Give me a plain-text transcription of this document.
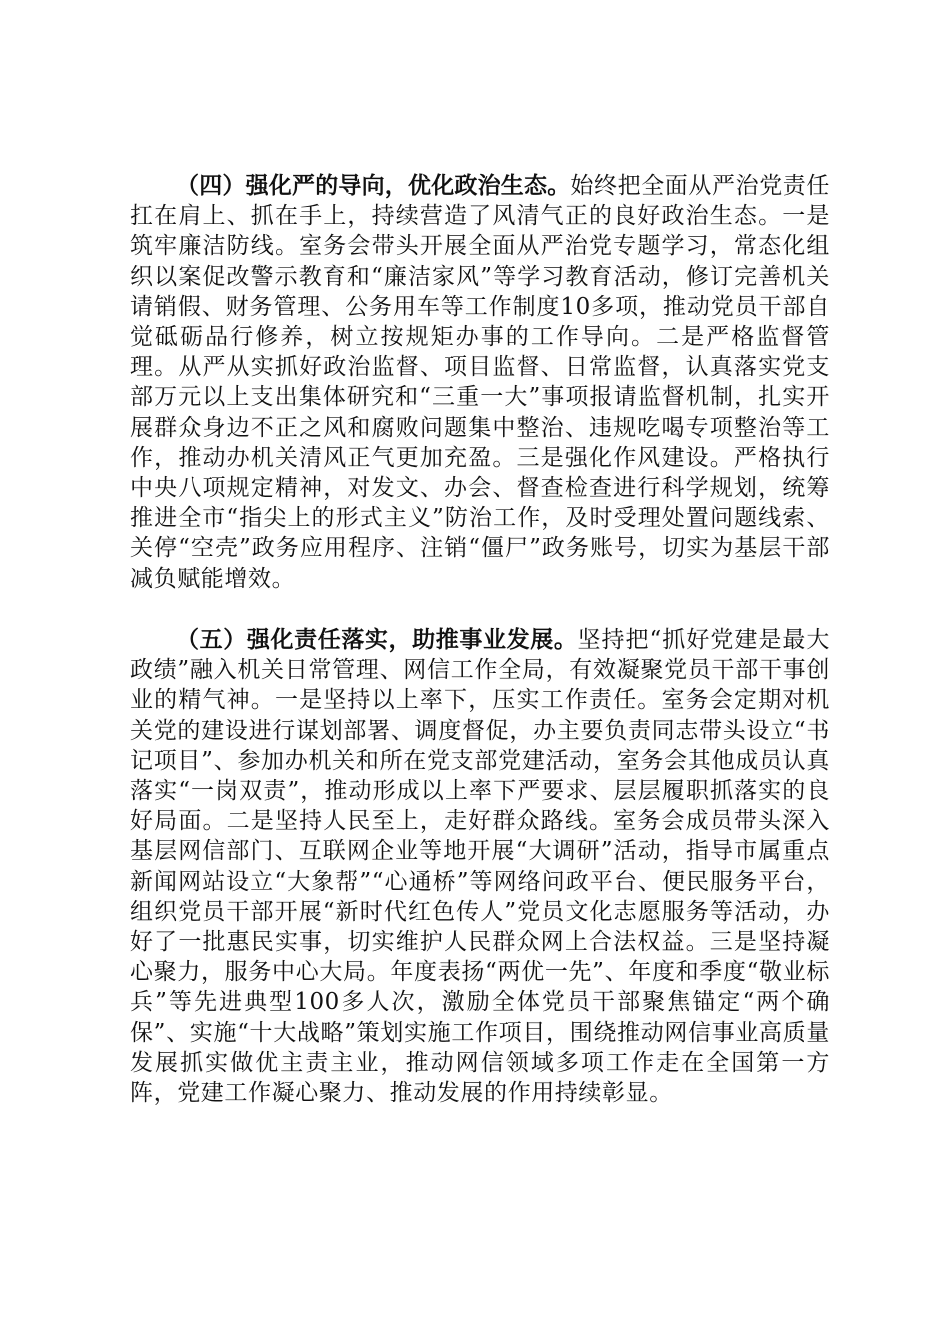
（四）强化严的导向，优化政治生态。始终把全面从严治党责任扛在肩上、抓在手上，持续营造了风清气正的良好政治生态。一是筑牢廉洁防线。室务会带头开展全面从严治党专题学习，常态化组织以案促改警示教育和“廉洁家风”等学习教育活动，修订完善机关请销假、财务管理、公务用车等工作制度10多项，推动党员干部自觉砥砺品行修养，树立按规矩办事的工作导向。二是严格监督管理。从严从实抓好政治监督、项目监督、日常监督，认真落实党支部万元以上支出集体研究和“三重一大”事项报请监督机制，扎实开展群众身边不正之风和腐败问题集中整治、违规吃喝专项整治等工作，推动办机关清风正气更加充盈。三是强化作风建设。严格执行中央八项规定精神，对发文、办会、督查检查进行科学规划，统筹推进全市“指尖上的形式主义”防治工作，及时受理处置问题线索、关停“空壳”政务应用程序、注销“僵尸”政务账号，切实为基层干部减负赋能增效。

（五）强化责任落实，助推事业发展。坚持把“抓好党建是最大政绩”融入机关日常管理、网信工作全局，有效凝聚党员干部干事创业的精气神。一是坚持以上率下，压实工作责任。室务会定期对机关党的建设进行谋划部署、调度督促，办主要负责同志带头设立“书记项目”、参加办机关和所在党支部党建活动，室务会其他成员认真落实“一岗双责”，推动形成以上率下严要求、层层履职抓落实的良好局面。二是坚持人民至上，走好群众路线。室务会成员带头深入基层网信部门、互联网企业等地开展“大调研”活动，指导市属重点新闻网站设立“大象帮”“心通桥”等网络问政平台、便民服务平台，组织党员干部开展“新时代红色传人”党员文化志愿服务等活动，办好了一批惠民实事，切实维护人民群众网上合法权益。三是坚持凝心聚力，服务中心大局。年度表扬“两优一先”、年度和季度“敬业标兵”等先进典型100多人次，激励全体党员干部聚焦锚定“两个确保”、实施“十大战略”策划实施工作项目，围绕推动网信事业高质量发展抓实做优主责主业，推动网信领域多项工作走在全国第一方阵，党建工作凝心聚力、推动发展的作用持续彰显。
